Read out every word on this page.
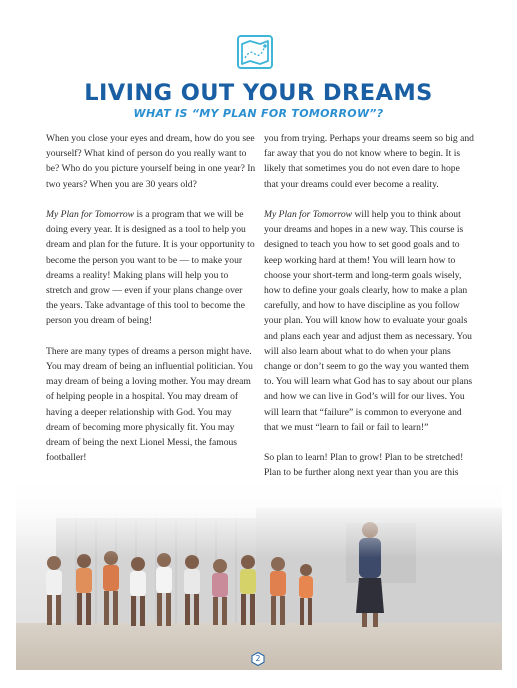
LIVING OUT YOUR DREAMS
WHAT IS “MY PLAN FOR TOMORROW”?

When you close your eyes and dream, how do you see yourself? What kind of person do you really want to be? Who do you picture yourself being in one year? In two years? When you are 30 years old?

My Plan for Tomorrow is a program that we will be doing every year. It is designed as a tool to help you dream and plan for the future. It is your opportunity to become the person you want to be — to make your dreams a reality! Making plans will help you to stretch and grow — even if your plans change over the years. Take advantage of this tool to become the person you dream of being!

There are many types of dreams a person might have. You may dream of being an influential politician. You may dream of being a loving mother. You may dream of helping people in a hospital. You may dream of having a deeper relationship with God. You may dream of becoming more physically fit. You may dream of being the next Lionel Messi, the famous footballer!

you from trying. Perhaps your dreams seem so big and far away that you do not know where to begin. It is likely that sometimes you do not even dare to hope that your dreams could ever become a reality.

My Plan for Tomorrow will help you to think about your dreams and hopes in a new way. This course is designed to teach you how to set good goals and to keep working hard at them! You will learn how to choose your short-term and long-term goals wisely, how to define your goals clearly, how to make a plan carefully, and how to have discipline as you follow your plan. You will know how to evaluate your goals and plans each year and adjust them as necessary. You will also learn about what to do when your plans change or don’t seem to go the way you wanted them to. You will learn what God has to say about our plans and how we can live in God’s will for our lives. You will learn that “failure” is common to everyone and that we must “learn to fail or fail to learn!”

So plan to learn! Plan to grow! Plan to be stretched! Plan to be further along next year than you are this

2
